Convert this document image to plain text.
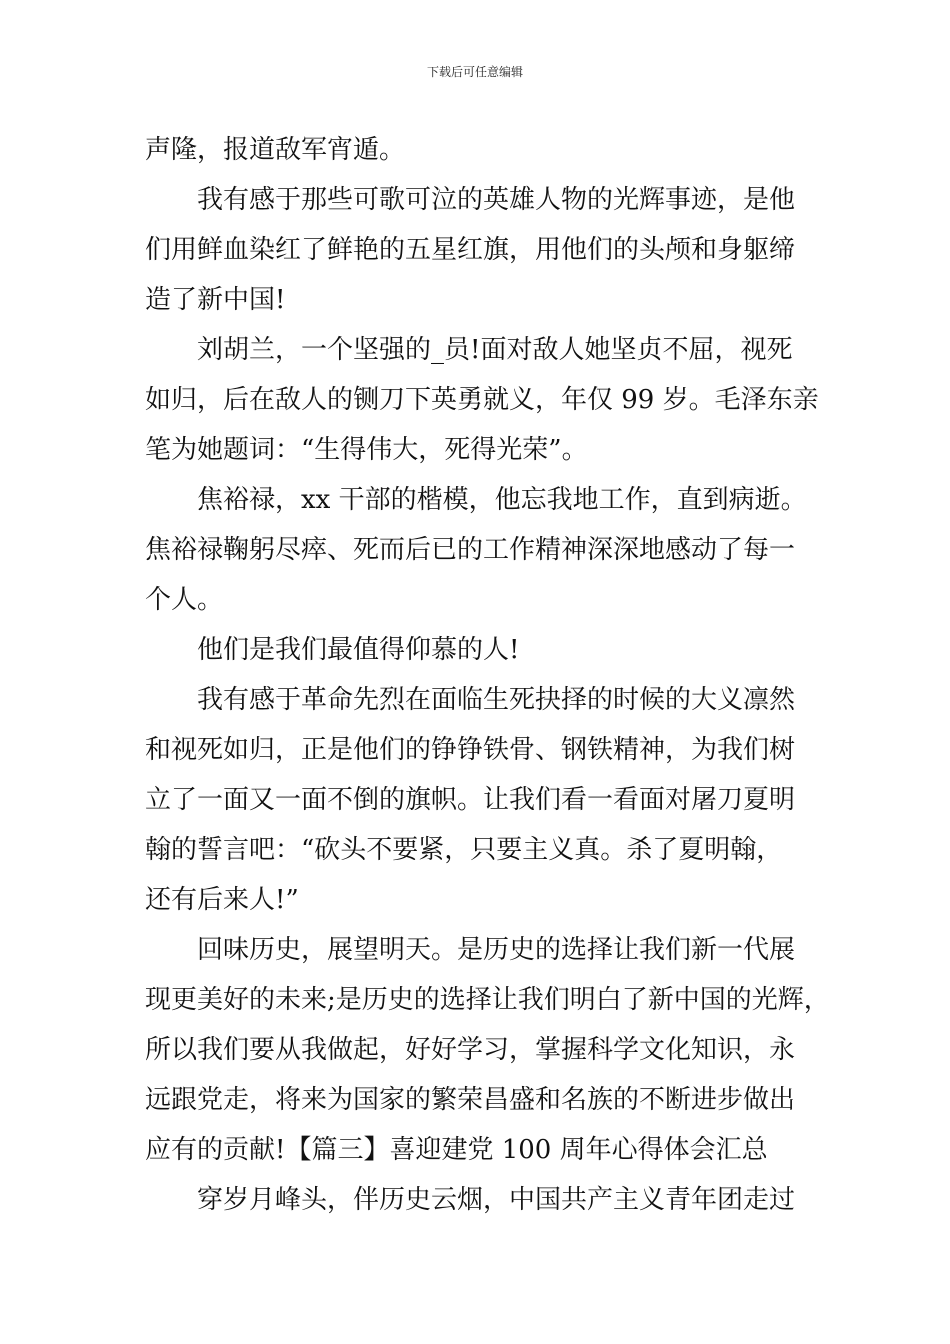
下载后可任意编辑

声隆，报道敌军宵遁。
我有感于那些可歌可泣的英雄人物的光辉事迹，是他
们用鲜血染红了鲜艳的五星红旗，用他们的头颅和身躯缔
造了新中国!
刘胡兰，一个坚强的_员!面对敌人她坚贞不屈，视死
如归，后在敌人的铡刀下英勇就义，年仅 99 岁。毛泽东亲
笔为她题词：“生得伟大，死得光荣”。
焦裕禄，xx 干部的楷模，他忘我地工作，直到病逝。
焦裕禄鞠躬尽瘁、死而后已的工作精神深深地感动了每一
个人。
他们是我们最值得仰慕的人!
我有感于革命先烈在面临生死抉择的时候的大义凛然
和视死如归，正是他们的铮铮铁骨、钢铁精神，为我们树
立了一面又一面不倒的旗帜。让我们看一看面对屠刀夏明
翰的誓言吧：“砍头不要紧，只要主义真。杀了夏明翰，
还有后来人!”
回味历史，展望明天。是历史的选择让我们新一代展
现更美好的未来;是历史的选择让我们明白了新中国的光辉，
所以我们要从我做起，好好学习，掌握科学文化知识，永
远跟党走，将来为国家的繁荣昌盛和名族的不断进步做出
应有的贡献!【篇三】喜迎建党 100 周年心得体会汇总
穿岁月峰头，伴历史云烟，中国共产主义青年团走过
